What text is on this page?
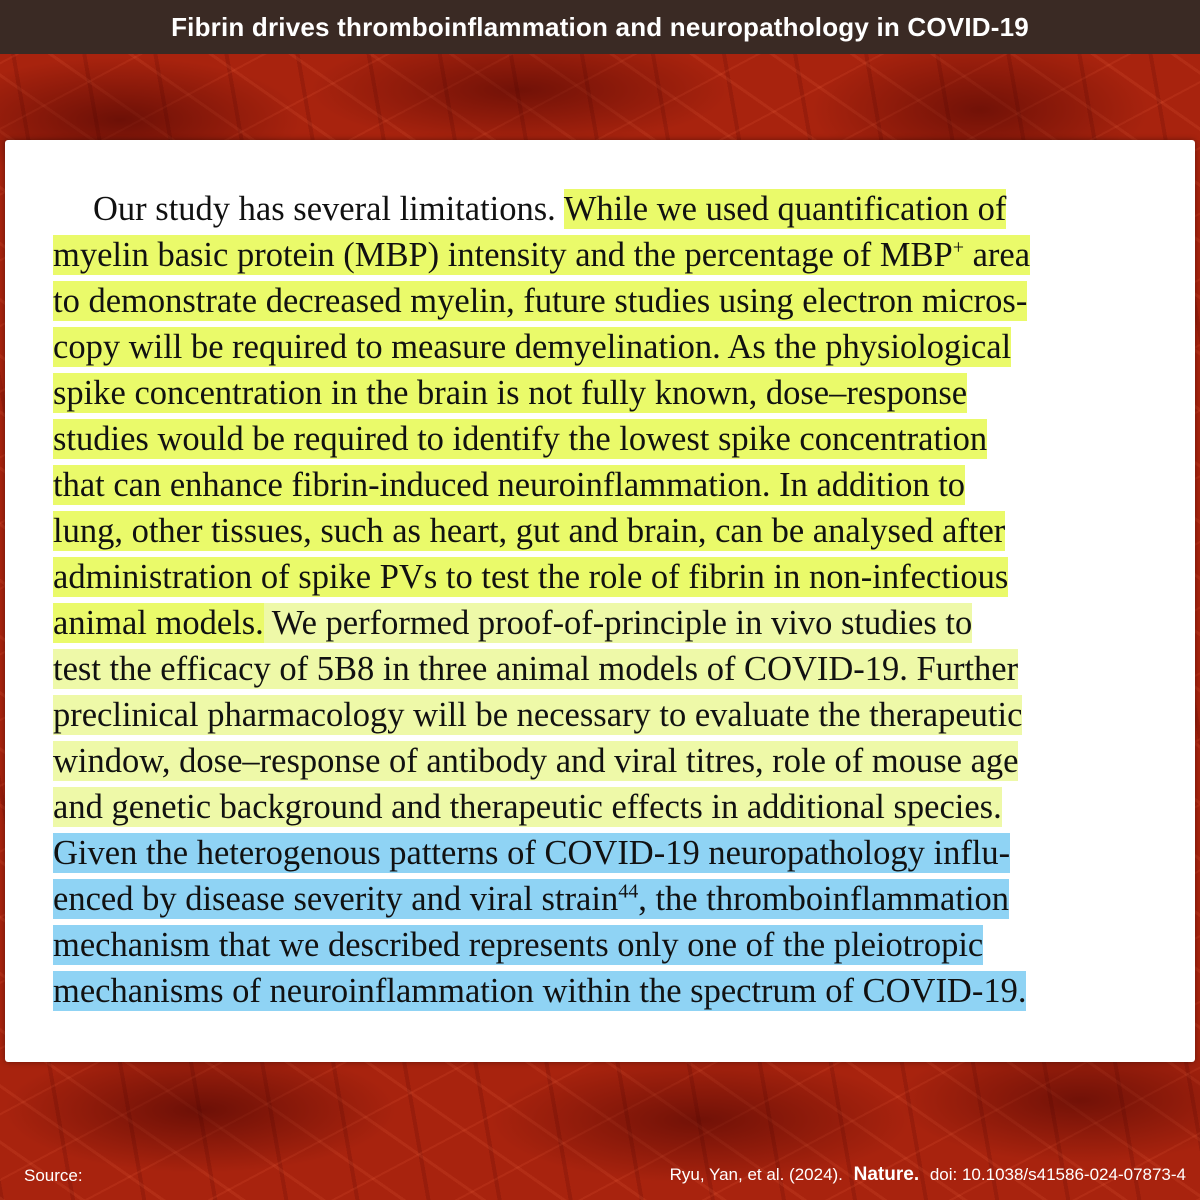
Fibrin drives thromboinflammation and neuropathology in COVID-19
Our study has several limitations. While we used quantification of
myelin basic protein (MBP) intensity and the percentage of MBP+ area
to demonstrate decreased myelin, future studies using electron micros-
copy will be required to measure demyelination. As the physiological
spike concentration in the brain is not fully known, dose–response
studies would be required to identify the lowest spike concentration
that can enhance fibrin-induced neuroinflammation. In addition to
lung, other tissues, such as heart, gut and brain, can be analysed after
administration of spike PVs to test the role of fibrin in non-infectious
animal models. We performed proof-of-principle in vivo studies to
test the efficacy of 5B8 in three animal models of COVID-19. Further
preclinical pharmacology will be necessary to evaluate the therapeutic
window, dose–response of antibody and viral titres, role of mouse age
and genetic background and therapeutic effects in additional species.
Given the heterogenous patterns of COVID-19 neuropathology influ-
enced by disease severity and viral strain$^{44}$, the thromboinflammation
mechanism that we described represents only one of the pleiotropic
mechanisms of neuroinflammation within the spectrum of COVID-19.
Source:	Ryu, Yan, et al. (2024). Nature. doi: 10.1038/s41586-024-07873-4
